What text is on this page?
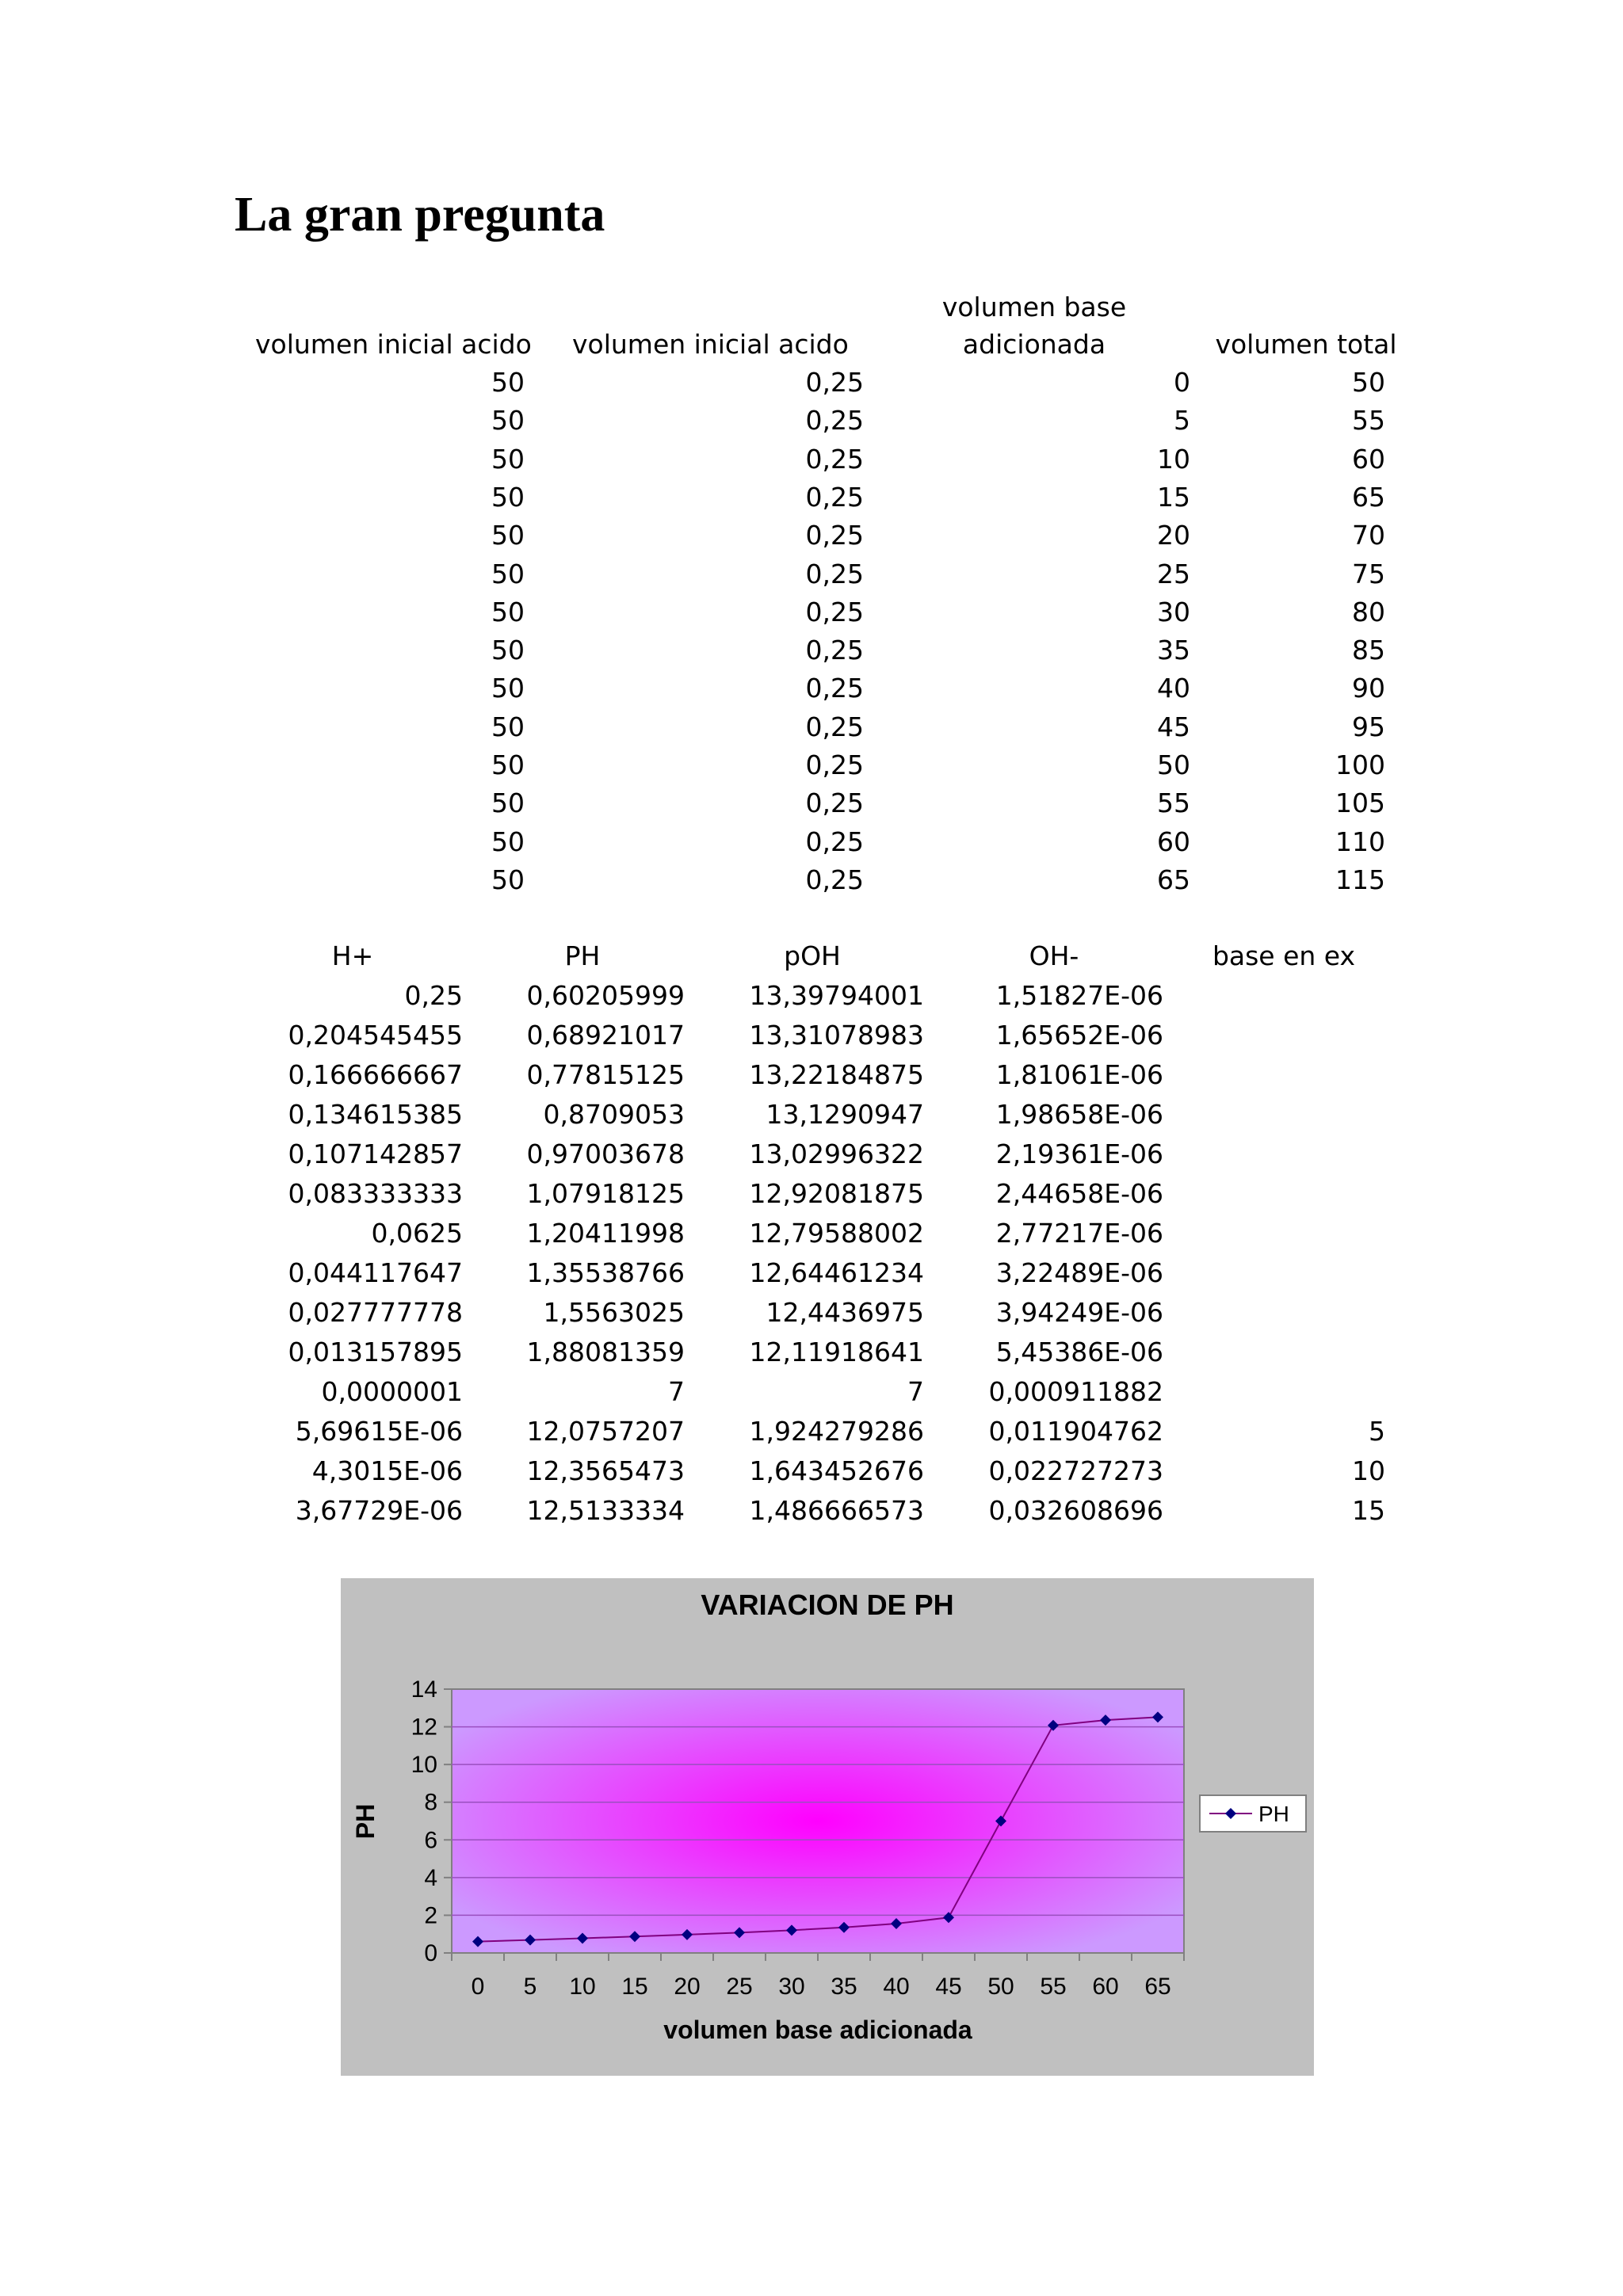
La gran pregunta
volumen inicial acido volumen inicial acido
volumen base
adicionada	volumen total
50	0,25	0	50
50	0,25	5	55
50	0,25	10	60
50	0,25	15	65
50	0,25	20	70
50	0,25	25	75
50	0,25	30	80
50	0,25	35	85
50	0,25	40	90
50	0,25	45	95
50	0,25	50	100
50	0,25	55	105
50	0,25	60	110
50	0,25	65	115
H+	PH	pOH	OH-	base en ex
0,25	0,60205999	13,39794001	1,51827E-06
0,204545455	0,68921017	13,31078983	1,65652E-06
0,166666667	0,77815125	13,22184875	1,81061E-06
0,134615385	0,8709053	13,1290947	1,98658E-06
0,107142857	0,97003678	13,02996322	2,19361E-06
0,083333333	1,07918125	12,92081875	2,44658E-06
0,0625	1,20411998	12,79588002	2,77217E-06
0,044117647	1,35538766	12,64461234	3,22489E-06
0,027777778	1,5563025	12,4436975	3,94249E-06
0,013157895	1,88081359	12,11918641	5,45386E-06
0,0000001	7	7	0,000911882
5,69615E-06	12,0757207	1,924279286	0,011904762	5
4,3015E-06	12,3565473	1,643452676	0,022727273	10
3,67729E-06	12,5133334	1,486666573	0,032608696	15
VARIACION DE PH
0
2
4
6
8
10
12
14
0 5 10 15 20 25 30 35 40 45 50 55 60 65
PH
volumen base adicionada
PH
